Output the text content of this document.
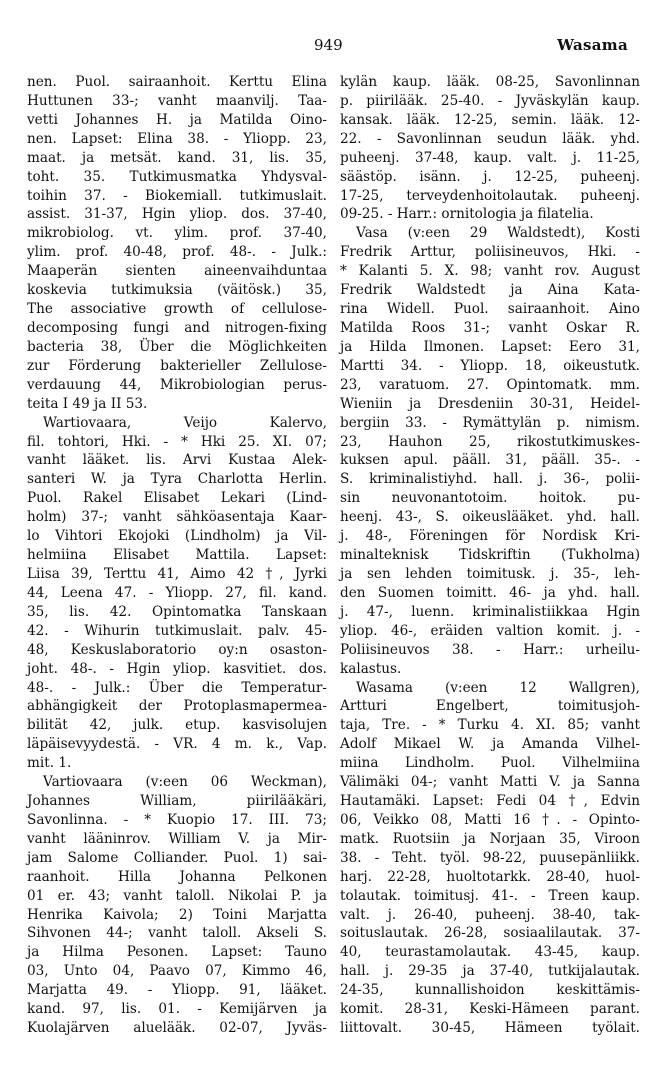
949	Wasama
nen. Puol. sairaanhoit. Kerttu Elina
Huttunen 33-; vanht maanvilj. Taa-
vetti Johannes H. ja Matilda Oino-
nen. Lapset: Elina 38. - Yliopp. 23,
maat. ja metsät. kand. 31, lis. 35,
toht. 35. Tutkimusmatka Yhdysval-
toihin 37. - Biokemiall. tutkimuslait.
assist. 31-37, Hgin yliop. dos. 37-40,
mikrobiolog. vt. ylim. prof. 37-40,
ylim. prof. 40-48, prof. 48-. - Julk.:
Maaperän sienten aineenvaihduntaa
koskevia tutkimuksia (väitösk.) 35,
The associative growth of cellulose-
decomposing fungi and nitrogen-fixing
bacteria 38, Über die Möglichkeiten
zur Förderung bakterieller Zellulose-
verdauung 44, Mikrobiologian perus-
teita I 49 ja II 53.
Wartiovaara, Veijo Kalervo,
fil. tohtori, Hki. - * Hki 25. XI. 07;
vanht lääket. lis. Arvi Kustaa Alek-
santeri W. ja Tyra Charlotta Herlin.
Puol. Rakel Elisabet Lekari (Lind-
holm) 37-; vanht sähköasentaja Kaar-
lo Vihtori Ekojoki (Lindholm) ja Vil-
helmiina Elisabet Mattila. Lapset:
Liisa 39, Terttu 41, Aimo 42 †, Jyrki
44, Leena 47. - Yliopp. 27, fil. kand.
35, lis. 42. Opintomatka Tanskaan
42. - Wihurin tutkimuslait. palv. 45-
48, Keskuslaboratorio oy:n osaston-
joht. 48-. - Hgin yliop. kasvitiet. dos.
48-. - Julk.: Über die Temperatur-
abhängigkeit der Protoplasmapermea-
bilität 42, julk. etup. kasvisolujen
läpäisevyydestä. - VR. 4 m. k., Vap.
mit. 1.
Vartiovaara (v:een 06 Weckman),
Johannes William, piirilääkäri,
Savonlinna. - * Kuopio 17. III. 73;
vanht lääninrov. William V. ja Mir-
jam Salome Colliander. Puol. 1) sai-
raanhoit. Hilla Johanna Pelkonen
01 er. 43; vanht taloll. Nikolai P. ja
Henrika Kaivola; 2) Toini Marjatta
Sihvonen 44-; vanht taloll. Akseli S.
ja Hilma Pesonen. Lapset: Tauno
03, Unto 04, Paavo 07, Kimmo 46,
Marjatta 49. - Yliopp. 91, lääket.
kand. 97, lis. 01. - Kemijärven ja
Kuolajärven aluelääk. 02-07, Jyväs-
kylän kaup. lääk. 08-25, Savonlinnan
p. piirilääk. 25-40. - Jyväskylän kaup.
kansak. lääk. 12-25, semin. lääk. 12-
22. - Savonlinnan seudun lääk. yhd.
puheenj. 37-48, kaup. valt. j. 11-25,
säästöp. isänn. j. 12-25, puheenj.
17-25, terveydenhoitolautak. puheenj.
09-25. - Harr.: ornitologia ja filatelia.
Vasa (v:een 29 Waldstedt), Kosti
Fredrik Arttur, poliisineuvos, Hki. -
* Kalanti 5. X. 98; vanht rov. August
Fredrik Waldstedt ja Aina Kata-
rina Widell. Puol. sairaanhoit. Aino
Matilda Roos 31-; vanht Oskar R.
ja Hilda Ilmonen. Lapset: Eero 31,
Martti 34. - Yliopp. 18, oikeustutk.
23, varatuom. 27. Opintomatk. mm.
Wieniin ja Dresdeniin 30-31, Heidel-
bergiin 33. - Rymättylän p. nimism.
23, Hauhon 25, rikostutkimuskes-
kuksen apul. pääll. 31, pääll. 35-. -
S. kriminalistiyhd. hall. j. 36-, polii-
sin neuvonantotoim. hoitok. pu-
heenj. 43-, S. oikeuslääket. yhd. hall.
j. 48-, Föreningen för Nordisk Kri-
minalteknisk Tidskriftin (Tukholma)
ja sen lehden toimitusk. j. 35-, leh-
den Suomen toimitt. 46- ja yhd. hall.
j. 47-, luenn. kriminalistiikkaa Hgin
yliop. 46-, eräiden valtion komit. j. -
Poliisineuvos 38. - Harr.: urheilu-
kalastus.
Wasama (v:een 12 Wallgren),
Artturi Engelbert, toimitusjoh-
taja, Tre. - * Turku 4. XI. 85; vanht
Adolf Mikael W. ja Amanda Vilhel-
miina Lindholm. Puol. Vilhelmiina
Välimäki 04-; vanht Matti V. ja Sanna
Hautamäki. Lapset: Fedi 04 †, Edvin
06, Veikko 08, Matti 16 †. - Opinto-
matk. Ruotsiin ja Norjaan 35, Viroon
38. - Teht. työl. 98-22, puusepänliikk.
harj. 22-28, huoltotarkk. 28-40, huol-
tolautak. toimitusj. 41-. - Treen kaup.
valt. j. 26-40, puheenj. 38-40, tak-
soituslautak. 26-28, sosiaalilautak. 37-
40, teurastamolautak. 43-45, kaup.
hall. j. 29-35 ja 37-40, tutkijalautak.
24-35, kunnallishoidon keskittämis-
komit. 28-31, Keski-Hämeen parant.
liittovalt. 30-45, Hämeen työlait.
